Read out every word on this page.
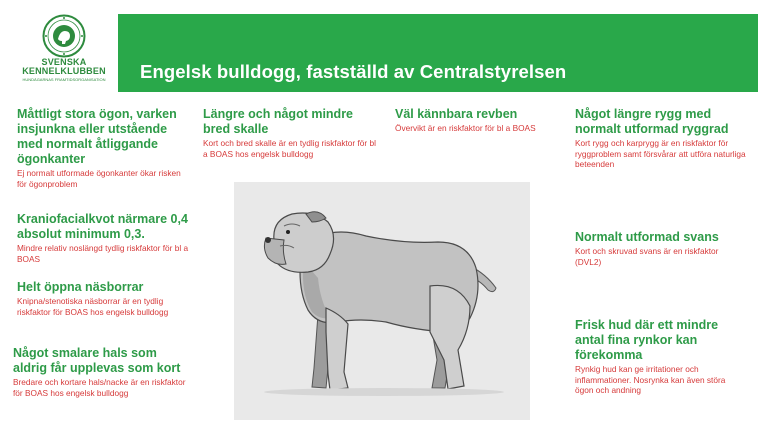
SVENSKA
KENNELKLUBBEN
HUNDÄGARNAS FRAMTIDSORGANISATION	Engelsk bulldogg, fastställd av Centralstyrelsen
Måttligt stora ögon, varken insjunkna eller utstående med normalt åtliggande ögonkanter

Ej normalt utformade ögonkanter ökar risken för ögonproblem

Kraniofacialkvot närmare 0,4 absolut minimum 0,3.

Mindre relativ noslängd tydlig riskfaktor för bl a BOAS

Helt öppna näsborrar

Knipna/stenotiska näsborrar är en tydlig riskfaktor för BOAS hos engelsk bulldogg

Något smalare hals som aldrig får upplevas som kort

Bredare och kortare hals/nacke är en riskfaktor för BOAS hos engelsk bulldogg

Längre och något mindre bred skalle

Kort och bred skalle är en tydlig riskfaktor för bl a BOAS hos engelsk bulldogg

Väl kännbara revben

Övervikt är en riskfaktor för bl a BOAS

Något längre rygg med normalt utformad ryggrad

Kort rygg och karprygg är en riskfaktor för ryggproblem samt försvårar att utföra naturliga beteenden

Normalt utformad svans

Kort och skruvad svans är en riskfaktor (DVL2)

Frisk hud där ett mindre antal fina rynkor kan förekomma

Rynkig hud kan ge irritationer och inflammationer. Nosrynka kan även störa ögon och andning
